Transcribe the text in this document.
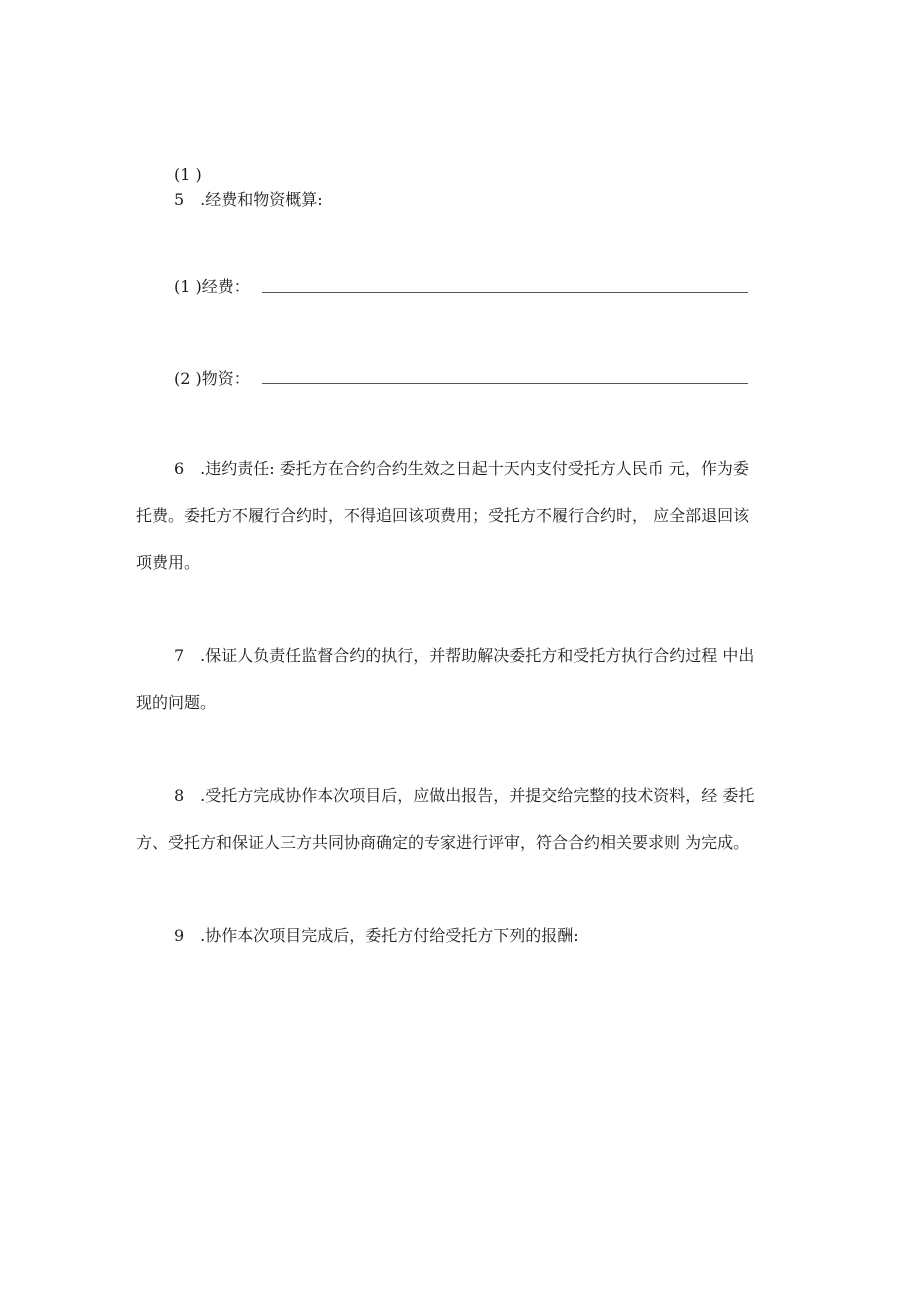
(1 )
5　.经费和物资概算:
(1 )经费：
(2 )物资：
6　.违约责任: 委托方在合约合约生效之日起十天内支付受托方人民币 元，作为委
托费。委托方不履行合约时，不得追回该项费用；受托方不履行合约时， 应全部退回该
项费用。
7　.保证人负责任监督合约的执行，并帮助解决委托方和受托方执行合约过程 中出
现的问题。
8　.受托方完成协作本次项目后，应做出报告，并提交给完整的技术资料，经 委托
方、受托方和保证人三方共同协商确定的专家进行评审，符合合约相关要求则 为完成。
9　.协作本次项目完成后，委托方付给受托方下列的报酬:
